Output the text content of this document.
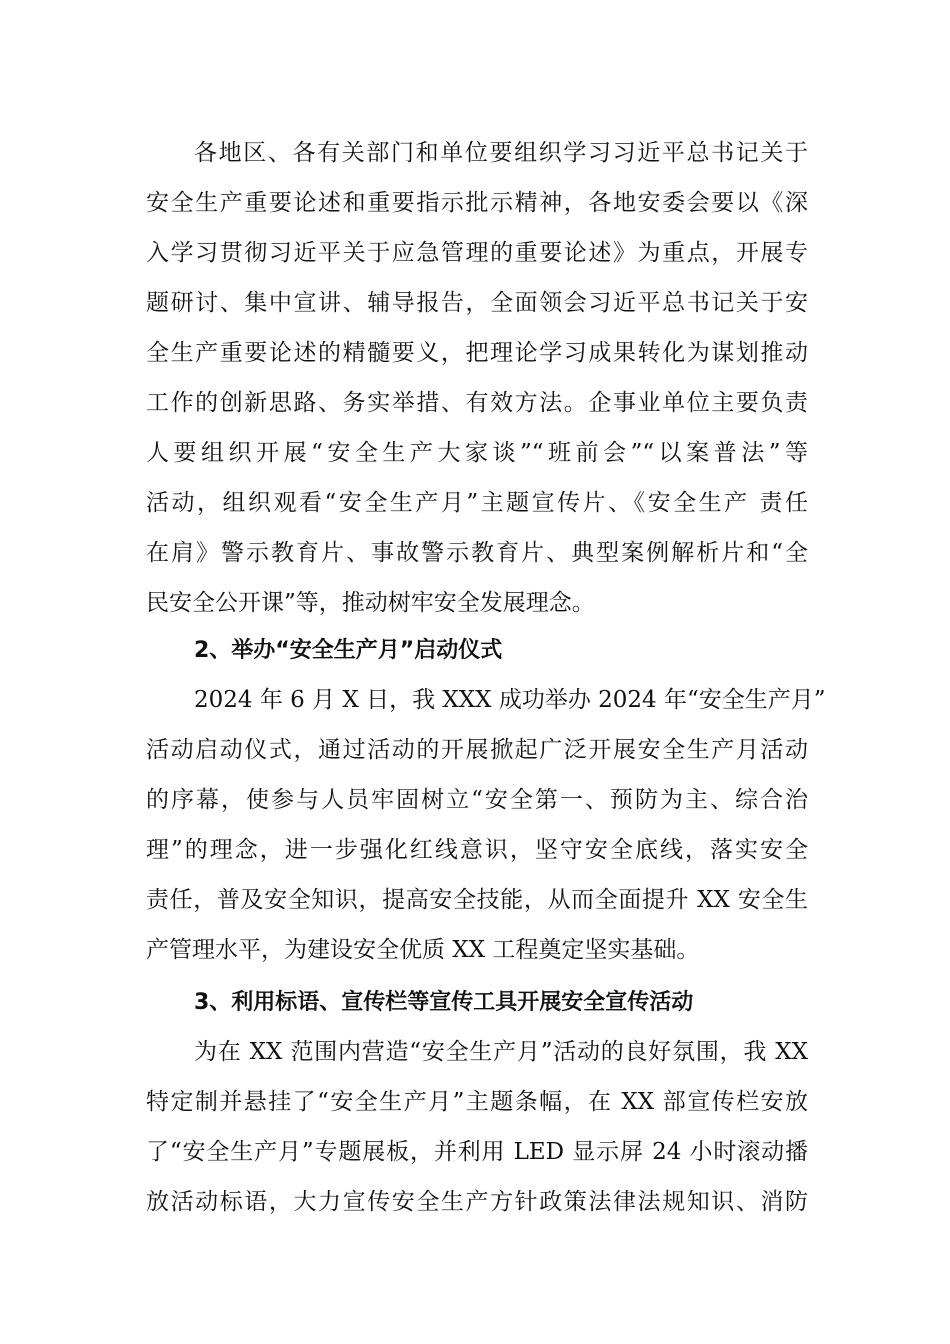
各地区、各有关部门和单位要组织学习习近平总书记关于
安全生产重要论述和重要指示批示精神，各地安委会要以《深
入学习贯彻习近平关于应急管理的重要论述》为重点，开展专
题研讨、集中宣讲、辅导报告，全面领会习近平总书记关于安
全生产重要论述的精髓要义，把理论学习成果转化为谋划推动
工作的创新思路、务实举措、有效方法。企事业单位主要负责
人要组织开展“安全生产大家谈”“班前会”“以案普法”等
活动，组织观看“安全生产月”主题宣传片、《安全生产 责任
在肩》警示教育片、事故警示教育片、典型案例解析片和“全
民安全公开课”等，推动树牢安全发展理念。
2、举办“安全生产月”启动仪式
2024 年 6 月 X 日，我 XXX 成功举办 2024 年“安全生产月”
活动启动仪式，通过活动的开展掀起广泛开展安全生产月活动
的序幕，使参与人员牢固树立“安全第一、预防为主、综合治
理”的理念，进一步强化红线意识，坚守安全底线，落实安全
责任，普及安全知识，提高安全技能，从而全面提升 XX 安全生
产管理水平，为建设安全优质 XX 工程奠定坚实基础。
3、利用标语、宣传栏等宣传工具开展安全宣传活动
为在 XX 范围内营造“安全生产月”活动的良好氛围，我 XX
特定制并悬挂了“安全生产月”主题条幅，在 XX 部宣传栏安放
了“安全生产月”专题展板，并利用 LED 显示屏 24 小时滚动播
放活动标语，大力宣传安全生产方针政策法律法规知识、消防
